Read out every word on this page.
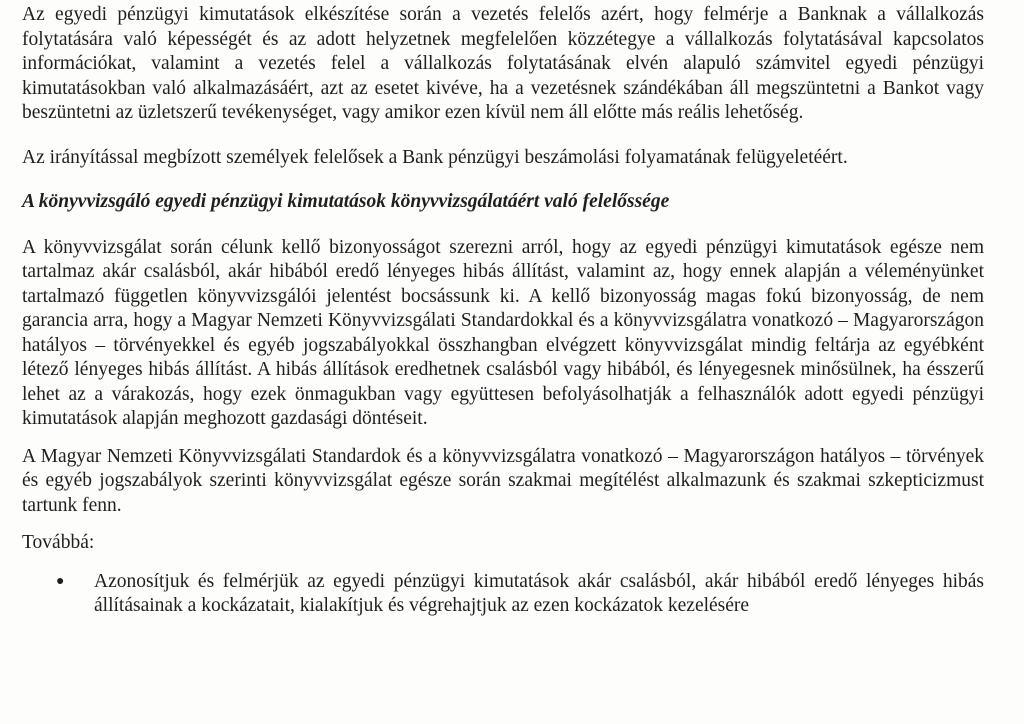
Az egyedi pénzügyi kimutatások elkészítése során a vezetés felelős azért, hogy felmérje a Banknak a vállalkozás folytatására való képességét és az adott helyzetnek megfelelően közzétegye a vállalkozás folytatásával kapcsolatos információkat, valamint a vezetés felel a vállalkozás folytatásának elvén alapuló számvitel egyedi pénzügyi kimutatásokban való alkalmazásáért, azt az esetet kivéve, ha a vezetésnek szándékában áll megszüntetni a Bankot vagy beszüntetni az üzletszerű tevékenységet, vagy amikor ezen kívül nem áll előtte más reális lehetőség.

Az irányítással megbízott személyek felelősek a Bank pénzügyi beszámolási folyamatának felügyeletéért.

A könyvvizsgáló egyedi pénzügyi kimutatások könyvvizsgálatáért való felelőssége

A könyvvizsgálat során célunk kellő bizonyosságot szerezni arról, hogy az egyedi pénzügyi kimutatások egésze nem tartalmaz akár csalásból, akár hibából eredő lényeges hibás állítást, valamint az, hogy ennek alapján a véleményünket tartalmazó független könyvvizsgálói jelentést bocsássunk ki. A kellő bizonyosság magas fokú bizonyosság, de nem garancia arra, hogy a Magyar Nemzeti Könyvvizsgálati Standardokkal és a könyvvizsgálatra vonatkozó – Magyarországon hatályos – törvényekkel és egyéb jogszabályokkal összhangban elvégzett könyvvizsgálat mindig feltárja az egyébként létező lényeges hibás állítást. A hibás állítások eredhetnek csalásból vagy hibából, és lényegesnek minősülnek, ha ésszerű lehet az a várakozás, hogy ezek önmagukban vagy együttesen befolyásolhatják a felhasználók adott egyedi pénzügyi kimutatások alapján meghozott gazdasági döntéseit.

A Magyar Nemzeti Könyvvizsgálati Standardok és a könyvvizsgálatra vonatkozó – Magyarországon hatályos – törvények és egyéb jogszabályok szerinti könyvvizsgálat egésze során szakmai megítélést alkalmazunk és szakmai szkepticizmust tartunk fenn.

Továbbá:

●	Azonosítjuk és felmérjük az egyedi pénzügyi kimutatások akár csalásból, akár hibából eredő lényeges hibás állításainak a kockázatait, kialakítjuk és végrehajtjuk az ezen kockázatok kezelésére
